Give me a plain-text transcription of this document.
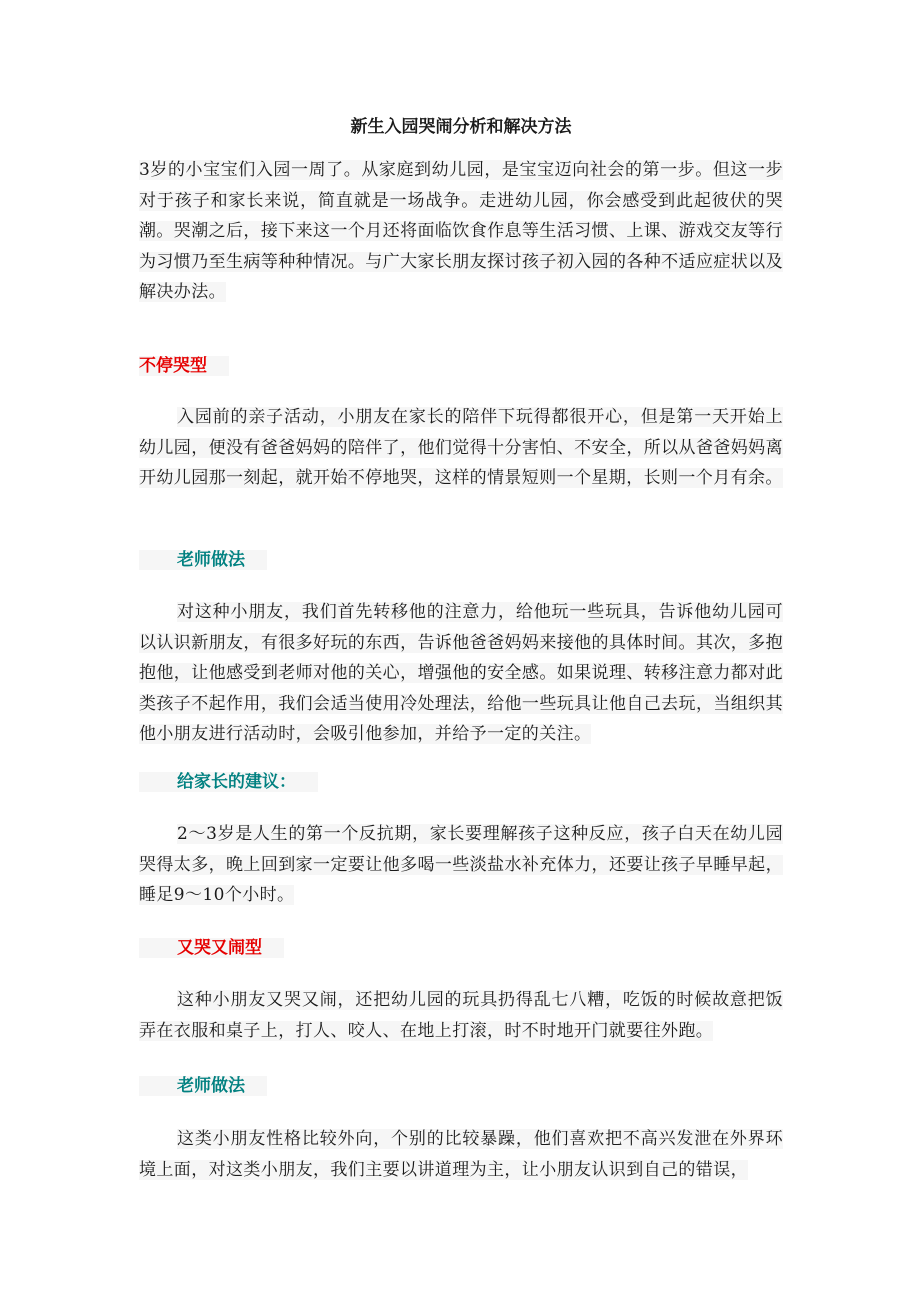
新生入园哭闹分析和解决方法

3岁的小宝宝们入园一周了。从家庭到幼儿园，是宝宝迈向社会的第一步。但这一步对于孩子和家长来说，简直就是一场战争。走进幼儿园，你会感受到此起彼伏的哭潮。哭潮之后，接下来这一个月还将面临饮食作息等生活习惯、上课、游戏交友等行为习惯乃至生病等种种情况。与广大家长朋友探讨孩子初入园的各种不适应症状以及解决办法。

不停哭型

入园前的亲子活动，小朋友在家长的陪伴下玩得都很开心，但是第一天开始上幼儿园，便没有爸爸妈妈的陪伴了，他们觉得十分害怕、不安全，所以从爸爸妈妈离开幼儿园那一刻起，就开始不停地哭，这样的情景短则一个星期，长则一个月有余。

老师做法

对这种小朋友，我们首先转移他的注意力，给他玩一些玩具，告诉他幼儿园可以认识新朋友，有很多好玩的东西，告诉他爸爸妈妈来接他的具体时间。其次，多抱抱他，让他感受到老师对他的关心，增强他的安全感。如果说理、转移注意力都对此类孩子不起作用，我们会适当使用冷处理法，给他一些玩具让他自己去玩，当组织其他小朋友进行活动时，会吸引他参加，并给予一定的关注。

给家长的建议：

2～3岁是人生的第一个反抗期，家长要理解孩子这种反应，孩子白天在幼儿园哭得太多，晚上回到家一定要让他多喝一些淡盐水补充体力，还要让孩子早睡早起，睡足9～10个小时。

又哭又闹型

这种小朋友又哭又闹，还把幼儿园的玩具扔得乱七八糟，吃饭的时候故意把饭弄在衣服和桌子上，打人、咬人、在地上打滚，时不时地开门就要往外跑。

老师做法

这类小朋友性格比较外向，个别的比较暴躁，他们喜欢把不高兴发泄在外界环境上面，对这类小朋友，我们主要以讲道理为主，让小朋友认识到自己的错误，
